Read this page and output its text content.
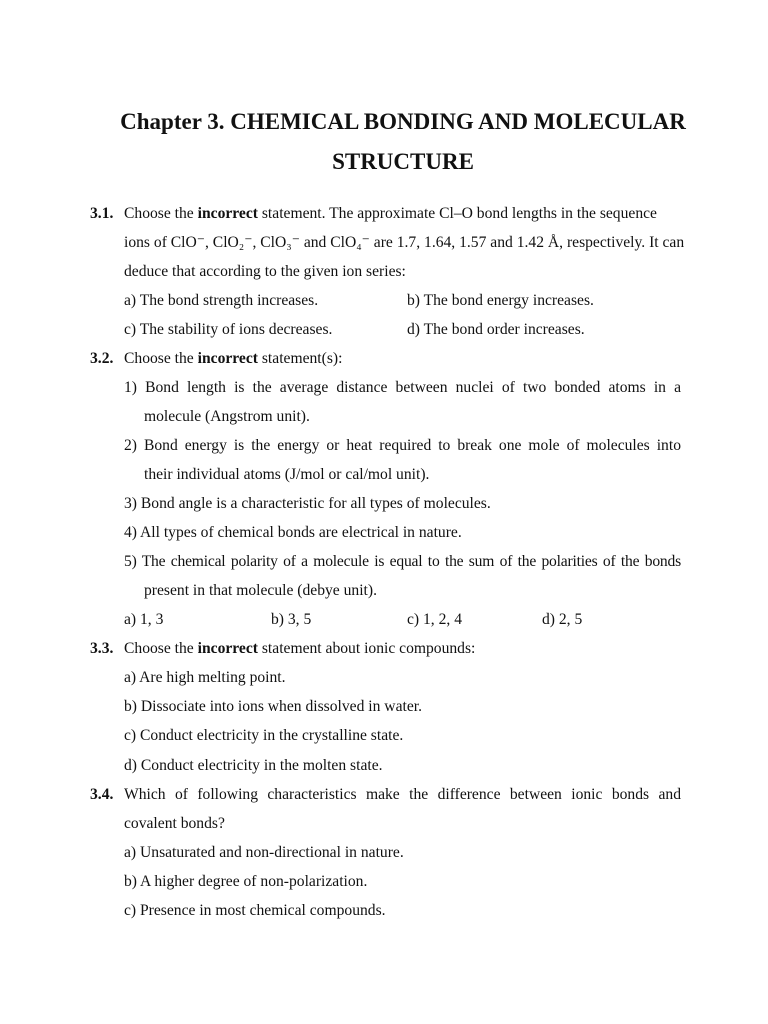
Chapter 3. CHEMICAL BONDING AND MOLECULAR
STRUCTURE
3.1. Choose the incorrect statement. The approximate Cl–O bond lengths in the sequence
ions of ClO⁻, ClO₂⁻, ClO₃⁻ and ClO₄⁻ are 1.7, 1.64, 1.57 and 1.42 Å, respectively. It can
deduce that according to the given ion series:
a) The bond strength increases.	b) The bond energy increases.
c) The stability of ions decreases.	d) The bond order increases.
3.2. Choose the incorrect statement(s):
1) Bond length is the average distance between nuclei of two bonded atoms in a
molecule (Angstrom unit).
2) Bond energy is the energy or heat required to break one mole of molecules into
their individual atoms (J/mol or cal/mol unit).
3) Bond angle is a characteristic for all types of molecules.
4) All types of chemical bonds are electrical in nature.
5) The chemical polarity of a molecule is equal to the sum of the polarities of the bonds
present in that molecule (debye unit).
a) 1, 3	b) 3, 5	c) 1, 2, 4	d) 2, 5
3.3. Choose the incorrect statement about ionic compounds:
a) Are high melting point.
b) Dissociate into ions when dissolved in water.
c) Conduct electricity in the crystalline state.
d) Conduct electricity in the molten state.
3.4. Which of following characteristics make the difference between ionic bonds and
covalent bonds?
a) Unsaturated and non-directional in nature.
b) A higher degree of non-polarization.
c) Presence in most chemical compounds.
